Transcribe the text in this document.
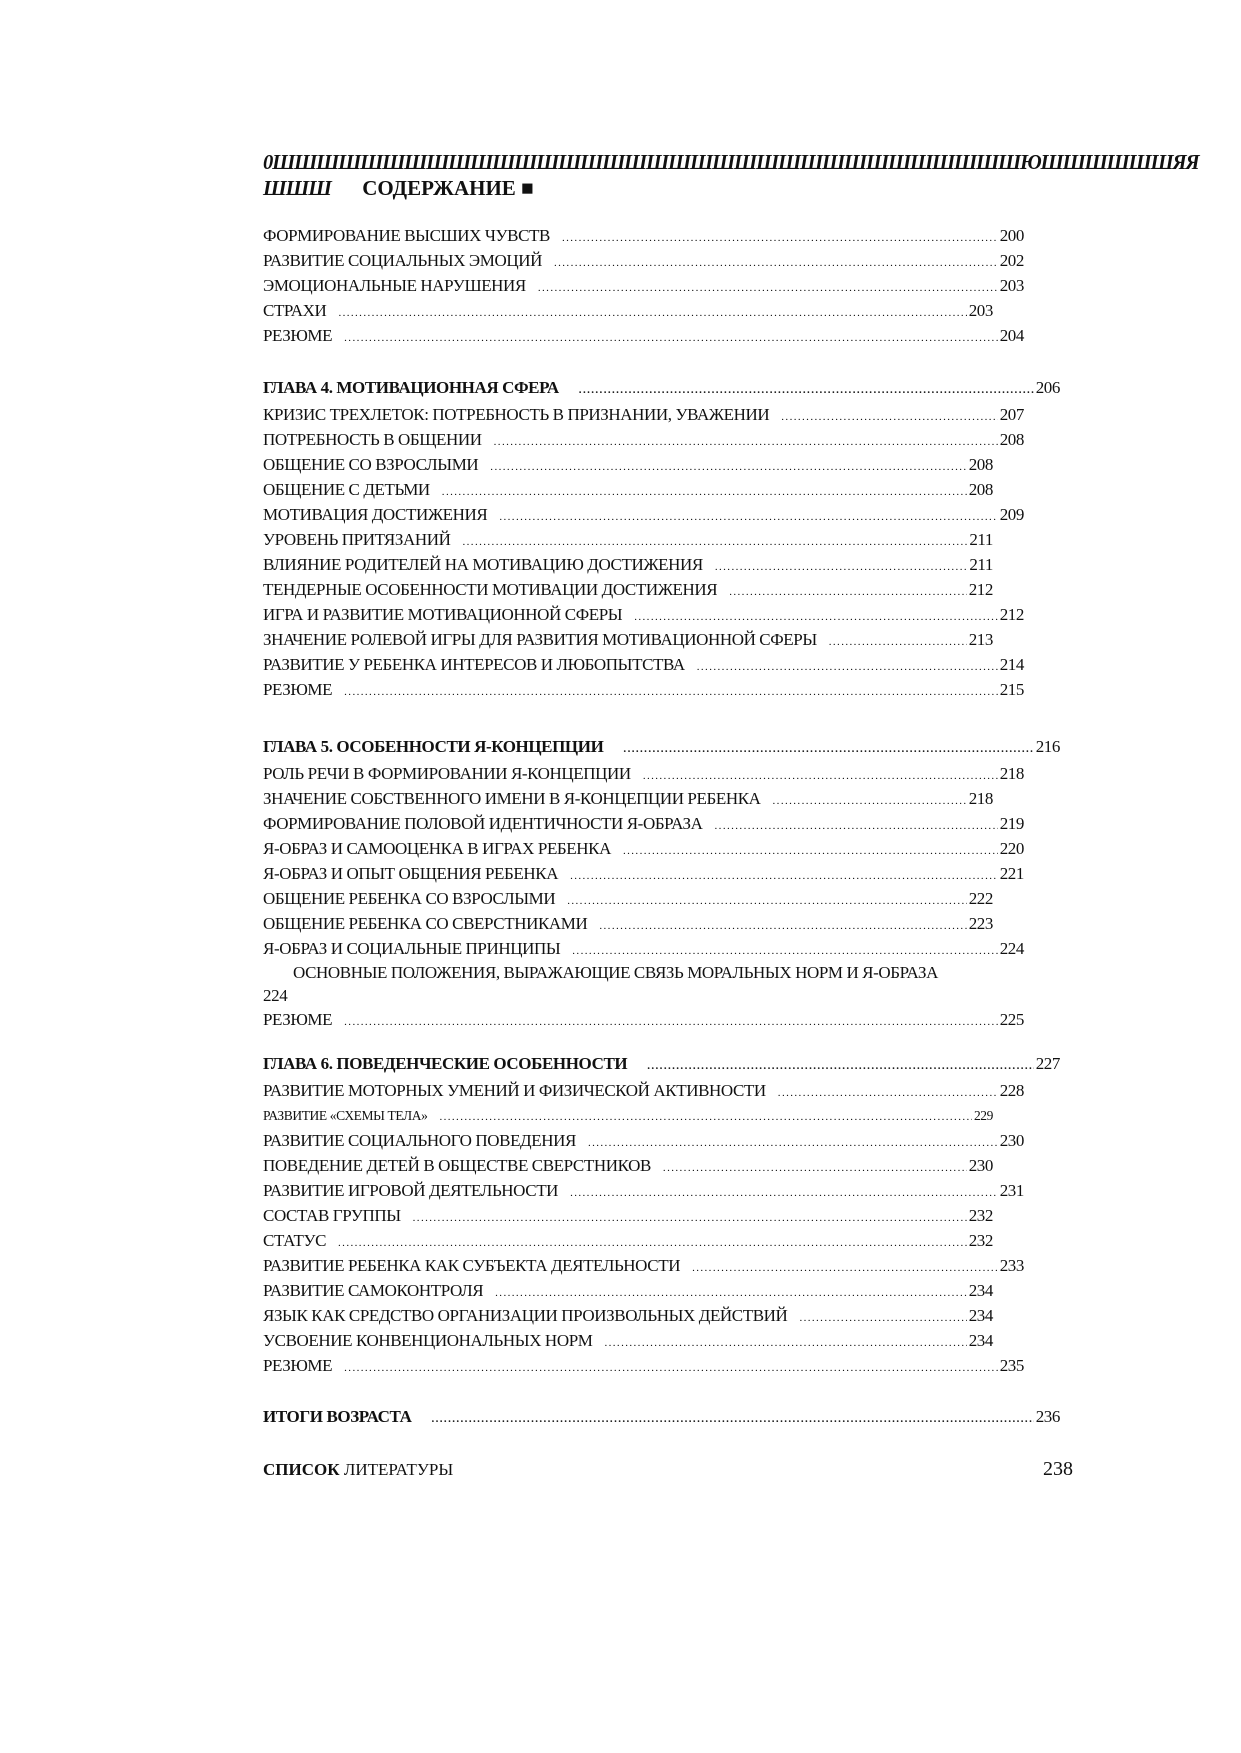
0ШШШШШШШШШШШШШШШШШШШШШШШШШШШШШШШШШШЮШШШШШШЯЯ
ШШШ СОДЕРЖАНИЕ ■
ФОРМИРОВАНИЕ ВЫСШИХ ЧУВСТВ .....	200
РАЗВИТИЕ СОЦИАЛЬНЫХ ЭМОЦИЙ .....	202
ЭМОЦИОНАЛЬНЫЕ НАРУШЕНИЯ .....	203
СТРАХИ .....	203
РЕЗЮМЕ .....	204
ГЛАВА 4. МОТИВАЦИОННАЯ СФЕРА .....	206
КРИЗИС ТРЕХЛЕТОК: ПОТРЕБНОСТЬ В ПРИЗНАНИИ, УВАЖЕНИИ .....	207
ПОТРЕБНОСТЬ В ОБЩЕНИИ .....	208
ОБЩЕНИЕ СО ВЗРОСЛЫМИ .....	208
ОБЩЕНИЕ С ДЕТЬМИ .....	208
МОТИВАЦИЯ ДОСТИЖЕНИЯ .....	209
УРОВЕНЬ ПРИТЯЗАНИЙ .....	211
ВЛИЯНИЕ РОДИТЕЛЕЙ НА МОТИВАЦИЮ ДОСТИЖЕНИЯ .....	211
ТЕНДЕРНЫЕ ОСОБЕННОСТИ МОТИВАЦИИ ДОСТИЖЕНИЯ .....	212
ИГРА И РАЗВИТИЕ МОТИВАЦИОННОЙ СФЕРЫ .....	212
ЗНАЧЕНИЕ РОЛЕВОЙ ИГРЫ ДЛЯ РАЗВИТИЯ МОТИВАЦИОННОЙ СФЕРЫ .....	213
РАЗВИТИЕ У РЕБЕНКА ИНТЕРЕСОВ И ЛЮБОПЫТСТВА .....	214
РЕЗЮМЕ .....	215
ГЛАВА 5. ОСОБЕННОСТИ Я-КОНЦЕПЦИИ .....	216
РОЛЬ РЕЧИ В ФОРМИРОВАНИИ Я-КОНЦЕПЦИИ .....	218
ЗНАЧЕНИЕ СОБСТВЕННОГО ИМЕНИ В Я-КОНЦЕПЦИИ РЕБЕНКА .....	218
ФОРМИРОВАНИЕ ПОЛОВОЙ ИДЕНТИЧНОСТИ Я-ОБРАЗА .....	219
Я-ОБРАЗ И САМООЦЕНКА В ИГРАХ РЕБЕНКА .....	220
Я-ОБРАЗ И ОПЫТ ОБЩЕНИЯ РЕБЕНКА .....	221
ОБЩЕНИЕ РЕБЕНКА СО ВЗРОСЛЫМИ .....	222
ОБЩЕНИЕ РЕБЕНКА СО СВЕРСТНИКАМИ .....	223
Я-ОБРАЗ И СОЦИАЛЬНЫЕ ПРИНЦИПЫ .....	224
ОСНОВНЫЕ ПОЛОЖЕНИЯ, ВЫРАЖАЮЩИЕ СВЯЗЬ МОРАЛЬНЫХ НОРМ И Я-ОБРАЗА
224
РЕЗЮМЕ .....	225
ГЛАВА 6. ПОВЕДЕНЧЕСКИЕ ОСОБЕННОСТИ .....	227
РАЗВИТИЕ МОТОРНЫХ УМЕНИЙ И ФИЗИЧЕСКОЙ АКТИВНОСТИ .....	228
РАЗВИТИЕ «СХЕМЫ ТЕЛА» .....	229
РАЗВИТИЕ СОЦИАЛЬНОГО ПОВЕДЕНИЯ .....	230
ПОВЕДЕНИЕ ДЕТЕЙ В ОБЩЕСТВЕ СВЕРСТНИКОВ .....	230
РАЗВИТИЕ ИГРОВОЙ ДЕЯТЕЛЬНОСТИ .....	231
СОСТАВ ГРУППЫ .....	232
СТАТУС .....	232
РАЗВИТИЕ РЕБЕНКА КАК СУБЪЕКТА ДЕЯТЕЛЬНОСТИ .....	233
РАЗВИТИЕ САМОКОНТРОЛЯ .....	234
ЯЗЫК КАК СРЕДСТВО ОРГАНИЗАЦИИ ПРОИЗВОЛЬНЫХ ДЕЙСТВИЙ .....	234
УСВОЕНИЕ КОНВЕНЦИОНАЛЬНЫХ НОРМ .....	234
РЕЗЮМЕ .....	235
ИТОГИ ВОЗРАСТА .....	236
СПИСОК ЛИТЕРАТУРЫ	238
